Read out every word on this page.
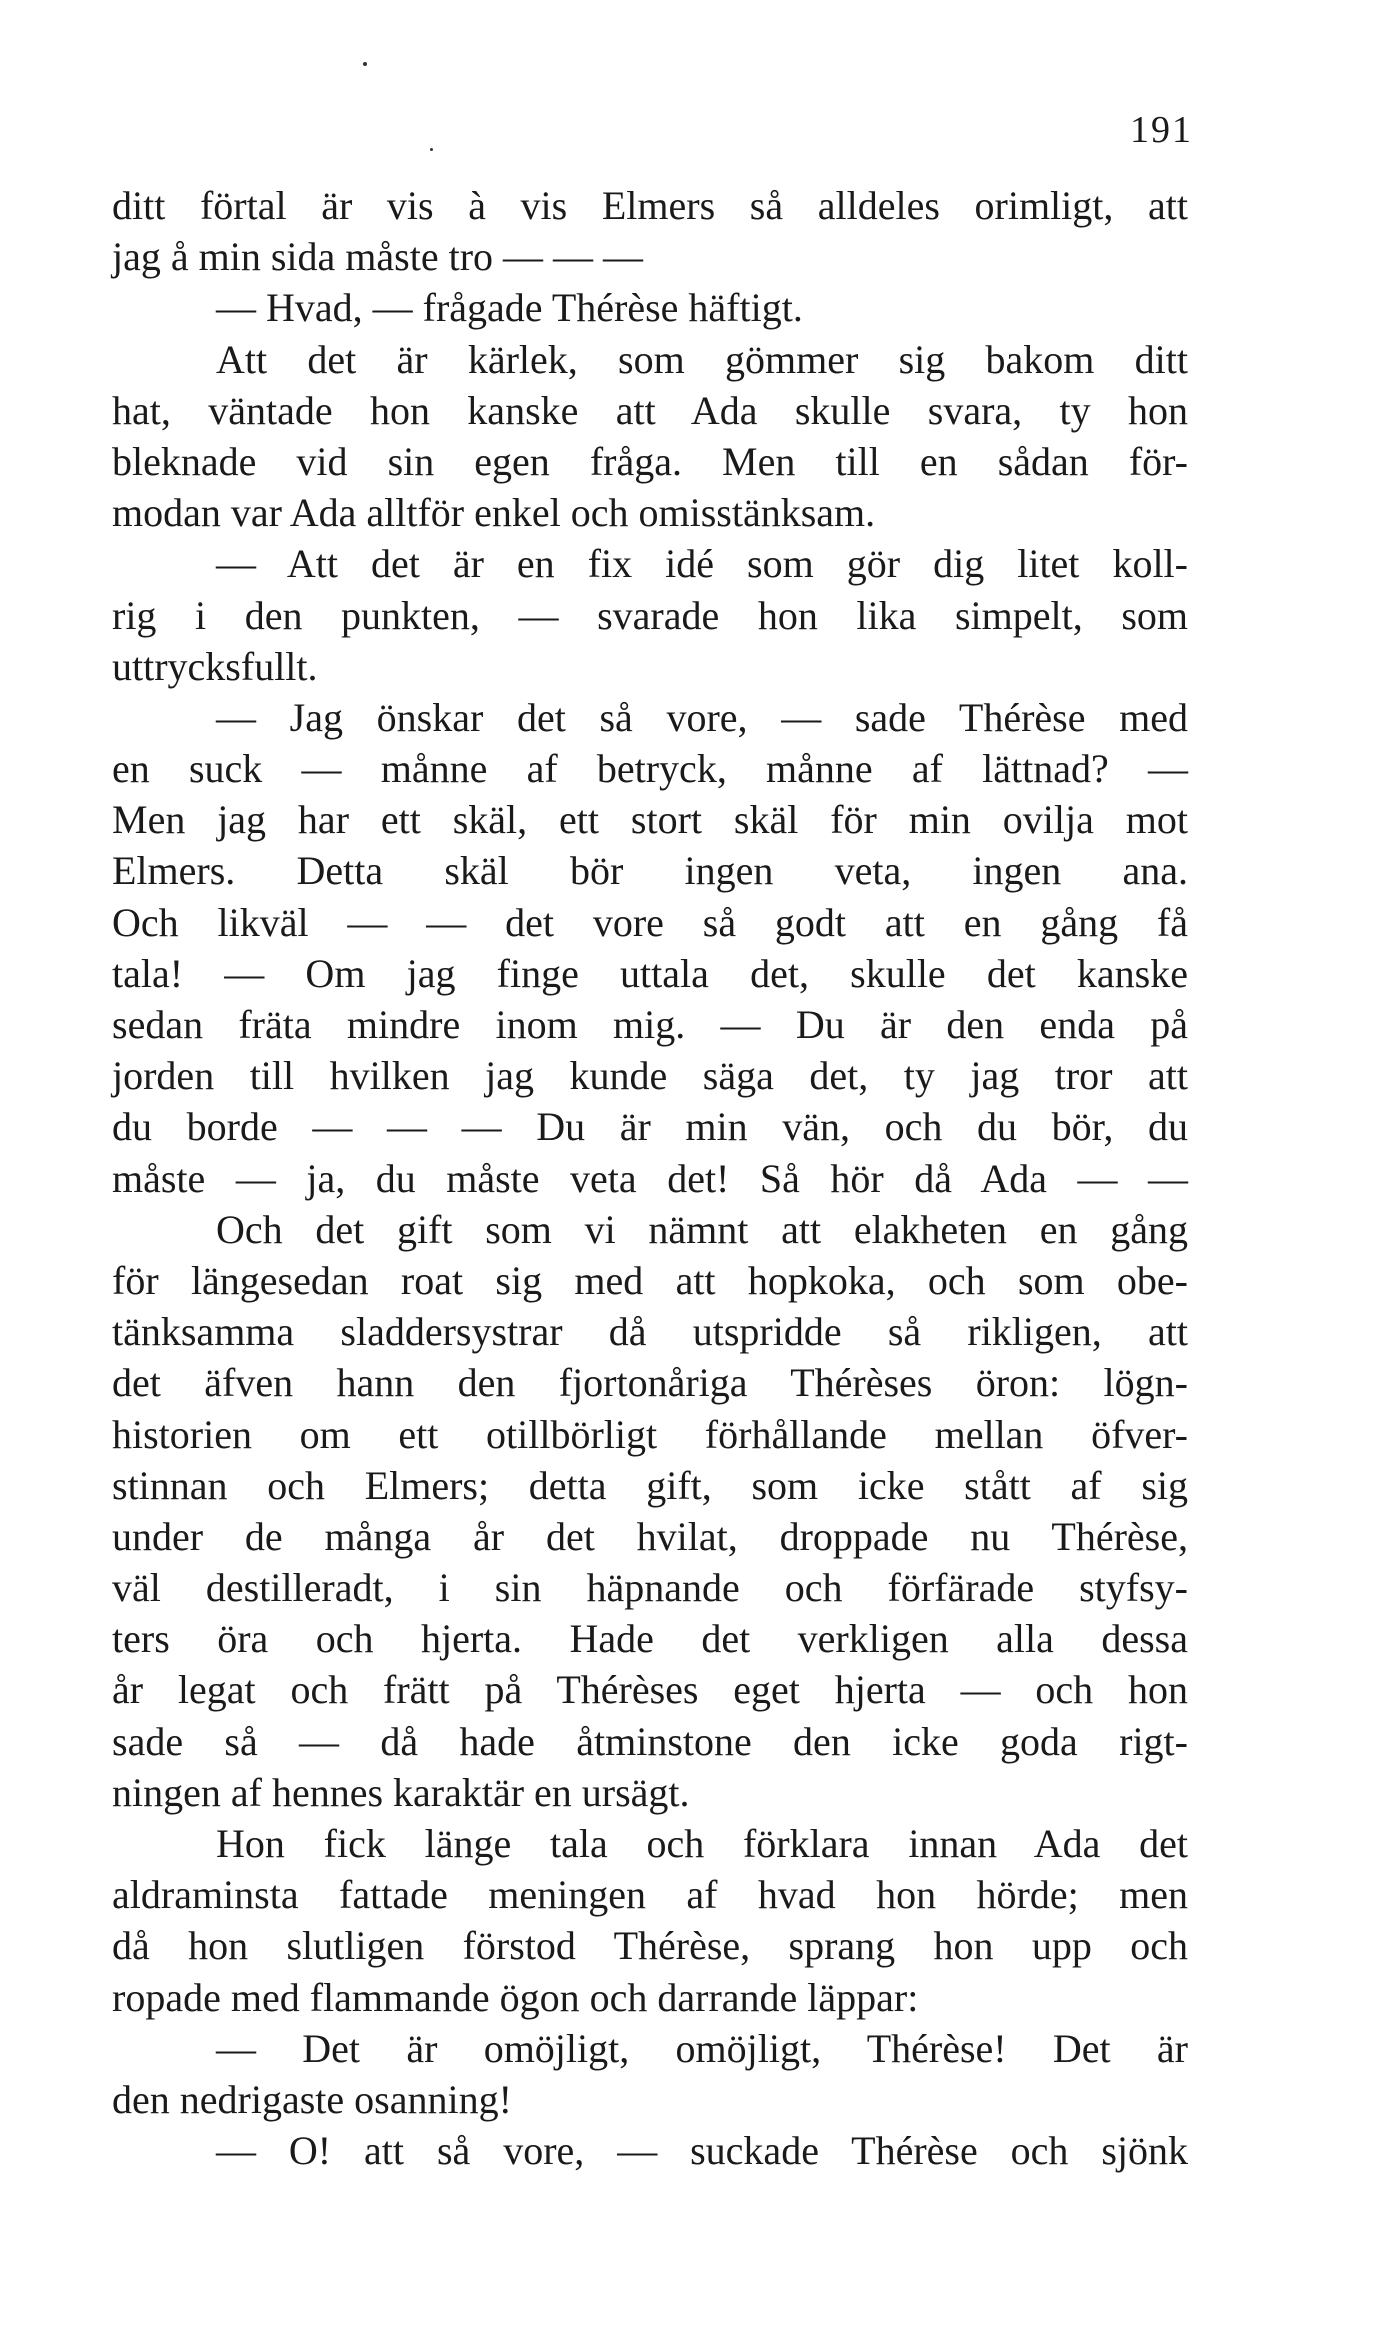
191
ditt förtal är vis à vis Elmers så alldeles orimligt, att
jag å min sida måste tro — — —
— Hvad, — frågade Thérèse häftigt.
Att det är kärlek, som gömmer sig bakom ditt
hat, väntade hon kanske att Ada skulle svara, ty hon
bleknade vid sin egen fråga. Men till en sådan för-
modan var Ada alltför enkel och omisstänksam.
— Att det är en fix idé som gör dig litet koll-
rig i den punkten, — svarade hon lika simpelt, som
uttrycksfullt.
— Jag önskar det så vore, — sade Thérèse med
en suck — månne af betryck, månne af lättnad? —
Men jag har ett skäl, ett stort skäl för min ovilja mot
Elmers. Detta skäl bör ingen veta, ingen ana.
Och likväl — — det vore så godt att en gång få
tala! — Om jag finge uttala det, skulle det kanske
sedan fräta mindre inom mig. — Du är den enda på
jorden till hvilken jag kunde säga det, ty jag tror att
du borde — — — Du är min vän, och du bör, du
måste — ja, du måste veta det! Så hör då Ada — —
Och det gift som vi nämnt att elakheten en gång
för längesedan roat sig med att hopkoka, och som obe-
tänksamma sladdersystrar då utspridde så rikligen, att
det äfven hann den fjortonåriga Thérèses öron: lögn-
historien om ett otillbörligt förhållande mellan öfver-
stinnan och Elmers; detta gift, som icke stått af sig
under de många år det hvilat, droppade nu Thérèse,
väl destilleradt, i sin häpnande och förfärade styfsy-
ters öra och hjerta. Hade det verkligen alla dessa
år legat och frätt på Thérèses eget hjerta — och hon
sade så — då hade åtminstone den icke goda rigt-
ningen af hennes karaktär en ursägt.
Hon fick länge tala och förklara innan Ada det
aldraminsta fattade meningen af hvad hon hörde; men
då hon slutligen förstod Thérèse, sprang hon upp och
ropade med flammande ögon och darrande läppar:
— Det är omöjligt, omöjligt, Thérèse! Det är
den nedrigaste osanning!
— O! att så vore, — suckade Thérèse och sjönk
